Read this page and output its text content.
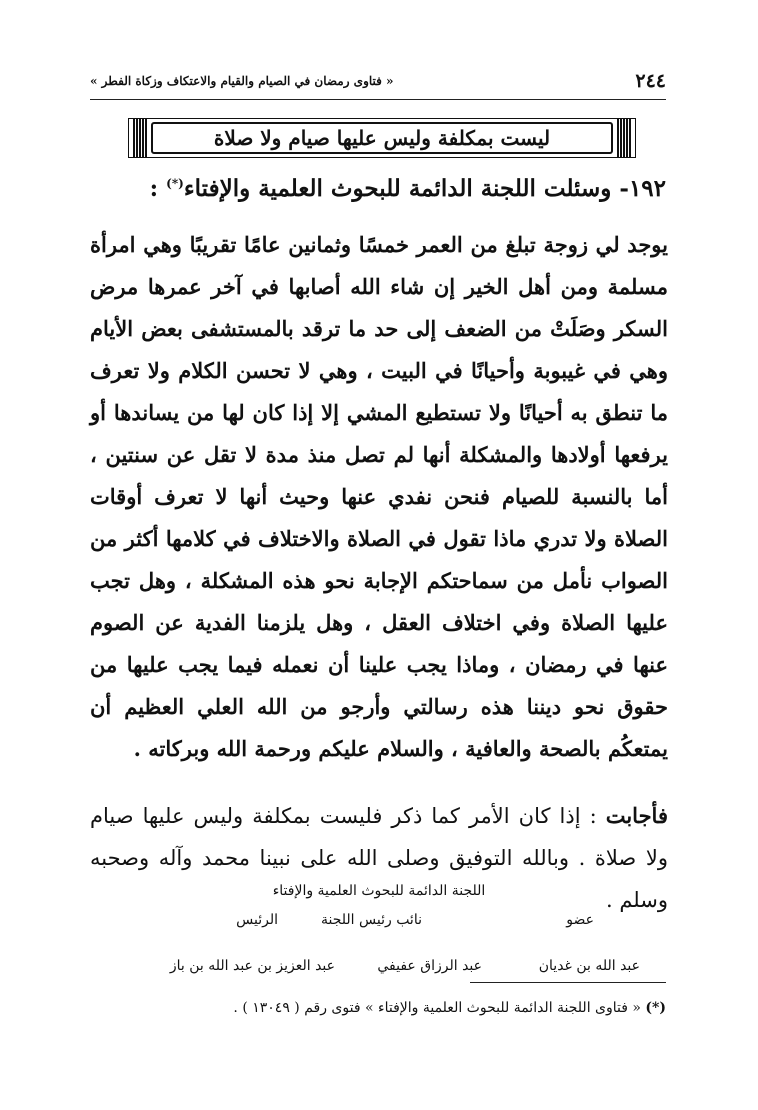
٢٤٤
« فتاوى رمضان في الصيام والقيام والاعتكاف وزكاة الفطر »
ليست بمكلفة وليس عليها صيام ولا صلاة
١٩٢- وسئلت اللجنة الدائمة للبحوث العلمية والإفتاء(*) :
يوجد لي زوجة تبلغ من العمر خمسًا وثمانين عامًا تقريبًا وهي امرأة مسلمة ومن أهل الخير إن شاء الله أصابها في آخر عمرها مرض السكر وصَلَتْ من الضعف إلى حد ما ترقد بالمستشفى بعض الأيام وهي في غيبوبة وأحيانًا في البيت ، وهي لا تحسن الكلام ولا تعرف ما تنطق به أحيانًا ولا تستطيع المشي إلا إذا كان لها من يساندها أو يرفعها أولادها والمشكلة أنها لم تصل منذ مدة لا تقل عن سنتين ، أما بالنسبة للصيام فنحن نفدي عنها وحيث أنها لا تعرف أوقات الصلاة ولا تدري ماذا تقول في الصلاة والاختلاف في كلامها أكثر من الصواب نأمل من سماحتكم الإجابة نحو هذه المشكلة ، وهل تجب عليها الصلاة وفي اختلاف العقل ، وهل يلزمنا الفدية عن الصوم عنها في رمضان ، وماذا يجب علينا أن نعمله فيما يجب عليها من حقوق نحو ديننا هذه رسالتي وأرجو من الله العلي العظيم أن يمتعكُم بالصحة والعافية ، والسلام عليكم ورحمة الله وبركاته .
فأجابت : إذا كان الأمر كما ذكر فليست بمكلفة وليس عليها صيام ولا صلاة . وبالله التوفيق وصلى الله على نبينا محمد وآله وصحبه وسلم .
اللجنة الدائمة للبحوث العلمية والإفتاء
عضو
نائب رئيس اللجنة
الرئيس
عبد الله بن غديان
عبد الرزاق عفيفي
عبد العزيز بن عبد الله بن باز
(*) « فتاوى اللجنة الدائمة للبحوث العلمية والإفتاء » فتوى رقم ( ١٣٠٤٩ ) .
